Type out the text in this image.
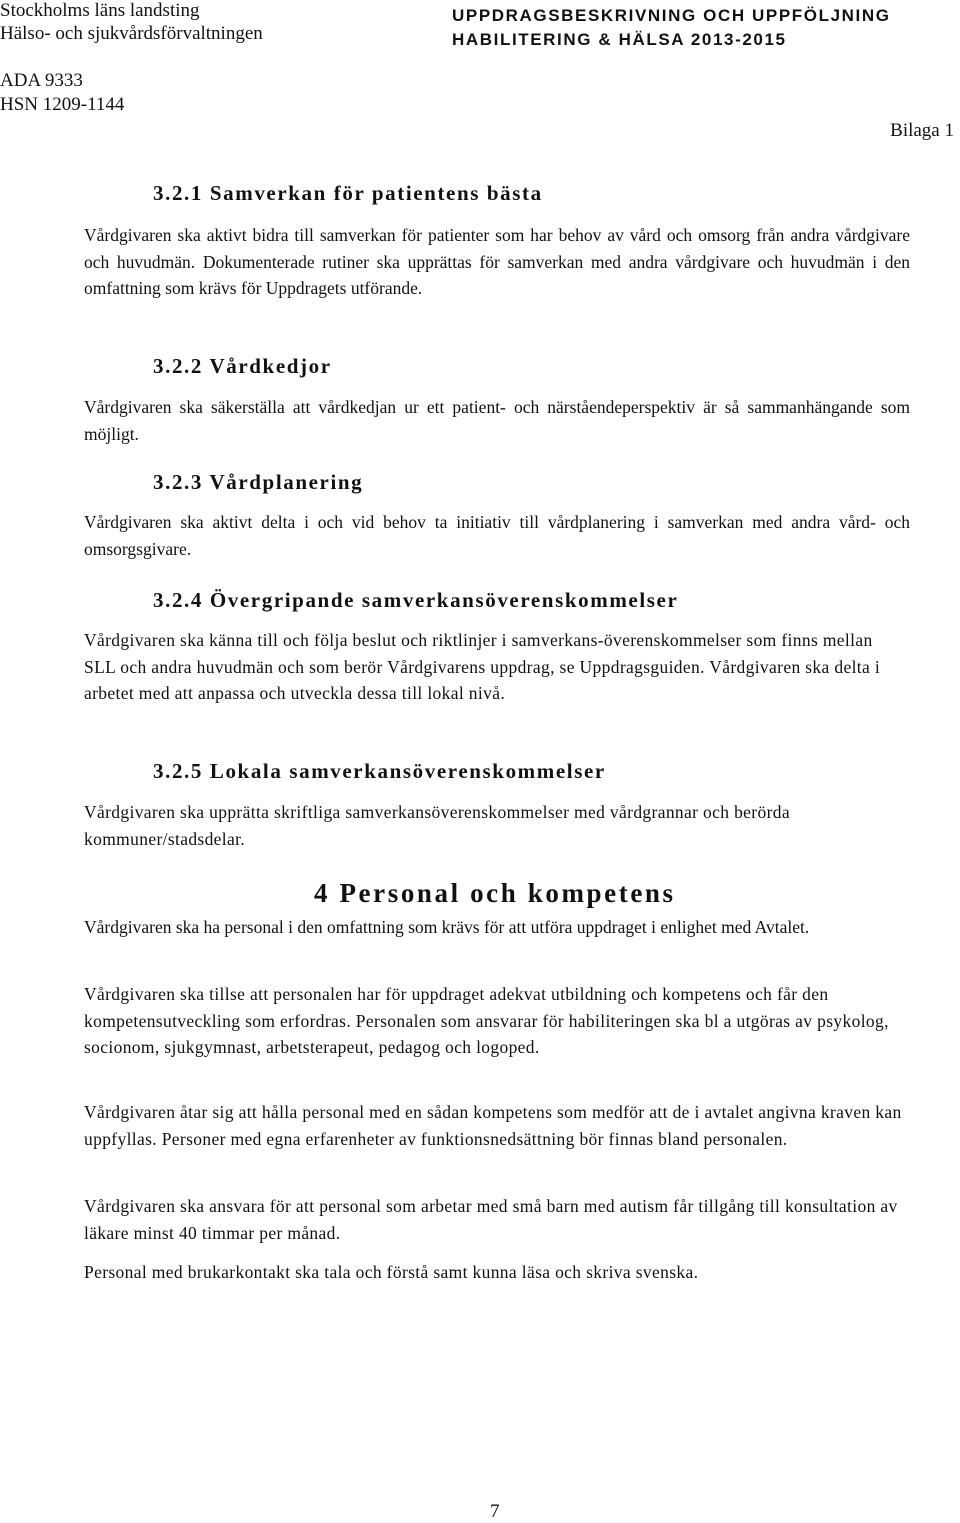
Stockholms läns landsting
Hälso- och sjukvårdsförvaltningen
UPPDRAGSBESKRIVNING OCH UPPFÖLJNING
HABILITERING & HÄLSA 2013-2015
ADA 9333
HSN 1209-1144
Bilaga 1
3.2.1 Samverkan för patientens bästa

Vårdgivaren ska aktivt bidra till samverkan för patienter som har behov av vård och omsorg från andra vårdgivare och huvudmän. Dokumenterade rutiner ska upprättas för samverkan med andra vårdgivare och huvudmän i den omfattning som krävs för Uppdragets utförande.

3.2.2 Vårdkedjor

Vårdgivaren ska säkerställa att vårdkedjan ur ett patient- och närståendeperspektiv är så sammanhängande som möjligt.

3.2.3 Vårdplanering

Vårdgivaren ska aktivt delta i och vid behov ta initiativ till vårdplanering i samverkan med andra vård- och omsorgsgivare.

3.2.4 Övergripande samverkansöverenskommelser

Vårdgivaren ska känna till och följa beslut och riktlinjer i samverkans-överenskommelser som finns mellan SLL och andra huvudmän och som berör Vårdgivarens uppdrag, se Uppdragsguiden. Vårdgivaren ska delta i arbetet med att anpassa och utveckla dessa till lokal nivå.

3.2.5 Lokala samverkansöverenskommelser

Vårdgivaren ska upprätta skriftliga samverkansöverenskommelser med vårdgrannar och berörda kommuner/stadsdelar.

4 Personal och kompetens

Vårdgivaren ska ha personal i den omfattning som krävs för att utföra uppdraget i enlighet med Avtalet.

Vårdgivaren ska tillse att personalen har för uppdraget adekvat utbildning och kompetens och får den kompetensutveckling som erfordras. Personalen som ansvarar för habiliteringen ska bl a utgöras av psykolog, socionom, sjukgymnast, arbetsterapeut, pedagog och logoped.

Vårdgivaren åtar sig att hålla personal med en sådan kompetens som medför att de i avtalet angivna kraven kan uppfyllas. Personer med egna erfarenheter av funktionsnedsättning bör finnas bland personalen.

Vårdgivaren ska ansvara för att personal som arbetar med små barn med autism får tillgång till konsultation av läkare minst 40 timmar per månad.

Personal med brukarkontakt ska tala och förstå samt kunna läsa och skriva svenska.

7
